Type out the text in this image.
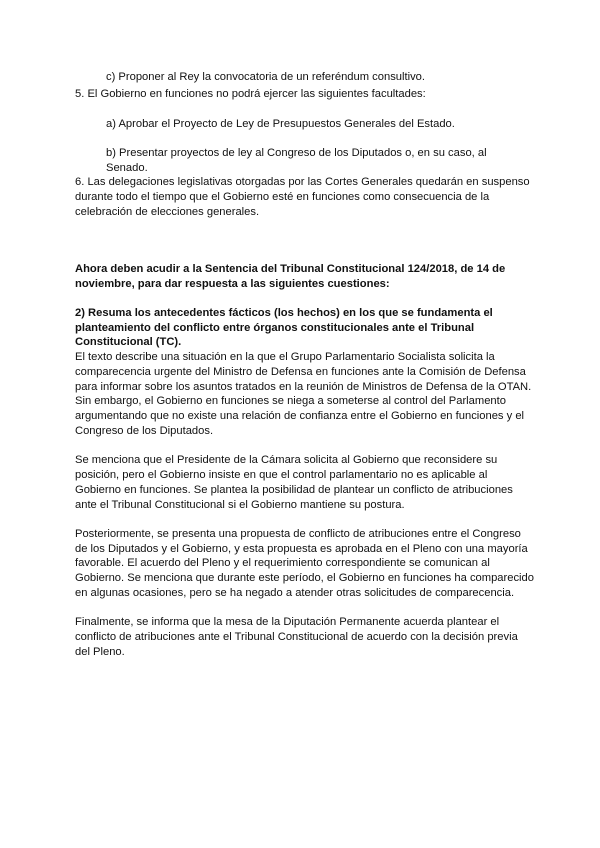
c) Proponer al Rey la convocatoria de un referéndum consultivo.
5. El Gobierno en funciones no podrá ejercer las siguientes facultades:
a) Aprobar el Proyecto de Ley de Presupuestos Generales del Estado.
b) Presentar proyectos de ley al Congreso de los Diputados o, en su caso, al
Senado.
6. Las delegaciones legislativas otorgadas por las Cortes Generales quedarán en suspenso
durante todo el tiempo que el Gobierno esté en funciones como consecuencia de la
celebración de elecciones generales.
Ahora deben acudir a la Sentencia del Tribunal Constitucional 124/2018, de 14 de
noviembre, para dar respuesta a las siguientes cuestiones:
2) Resuma los antecedentes fácticos (los hechos) en los que se fundamenta el
planteamiento del conflicto entre órganos constitucionales ante el Tribunal
Constitucional (TC).
El texto describe una situación en la que el Grupo Parlamentario Socialista solicita la
comparecencia urgente del Ministro de Defensa en funciones ante la Comisión de Defensa
para informar sobre los asuntos tratados en la reunión de Ministros de Defensa de la OTAN.
Sin embargo, el Gobierno en funciones se niega a someterse al control del Parlamento
argumentando que no existe una relación de confianza entre el Gobierno en funciones y el
Congreso de los Diputados.
Se menciona que el Presidente de la Cámara solicita al Gobierno que reconsidere su
posición, pero el Gobierno insiste en que el control parlamentario no es aplicable al
Gobierno en funciones. Se plantea la posibilidad de plantear un conflicto de atribuciones
ante el Tribunal Constitucional si el Gobierno mantiene su postura.
Posteriormente, se presenta una propuesta de conflicto de atribuciones entre el Congreso
de los Diputados y el Gobierno, y esta propuesta es aprobada en el Pleno con una mayoría
favorable. El acuerdo del Pleno y el requerimiento correspondiente se comunican al
Gobierno. Se menciona que durante este período, el Gobierno en funciones ha comparecido
en algunas ocasiones, pero se ha negado a atender otras solicitudes de comparecencia.
Finalmente, se informa que la mesa de la Diputación Permanente acuerda plantear el
conflicto de atribuciones ante el Tribunal Constitucional de acuerdo con la decisión previa
del Pleno.
